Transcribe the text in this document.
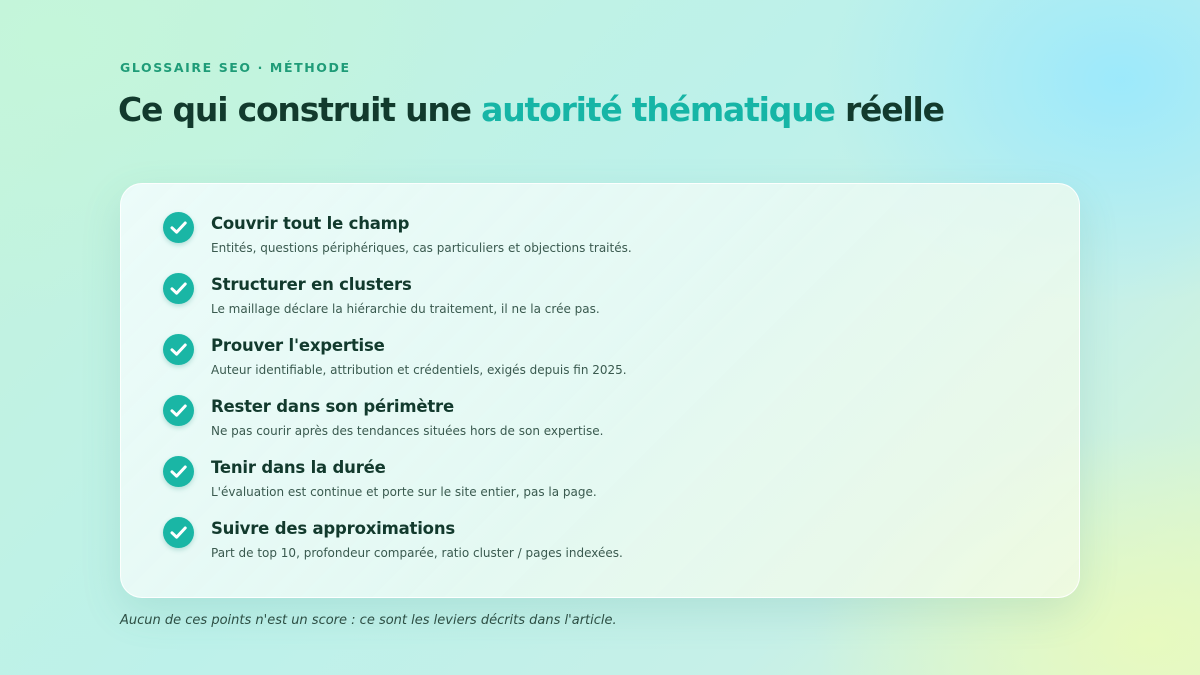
GLOSSAIRE SEO · MÉTHODE
Ce qui construit une autorité thématique réelle
Couvrir tout le champ
Entités, questions périphériques, cas particuliers et objections traités.
Structurer en clusters
Le maillage déclare la hiérarchie du traitement, il ne la crée pas.
Prouver l'expertise
Auteur identifiable, attribution et crédentiels, exigés depuis fin 2025.
Rester dans son périmètre
Ne pas courir après des tendances situées hors de son expertise.
Tenir dans la durée
L'évaluation est continue et porte sur le site entier, pas la page.
Suivre des approximations
Part de top 10, profondeur comparée, ratio cluster / pages indexées.
Aucun de ces points n'est un score : ce sont les leviers décrits dans l'article.
